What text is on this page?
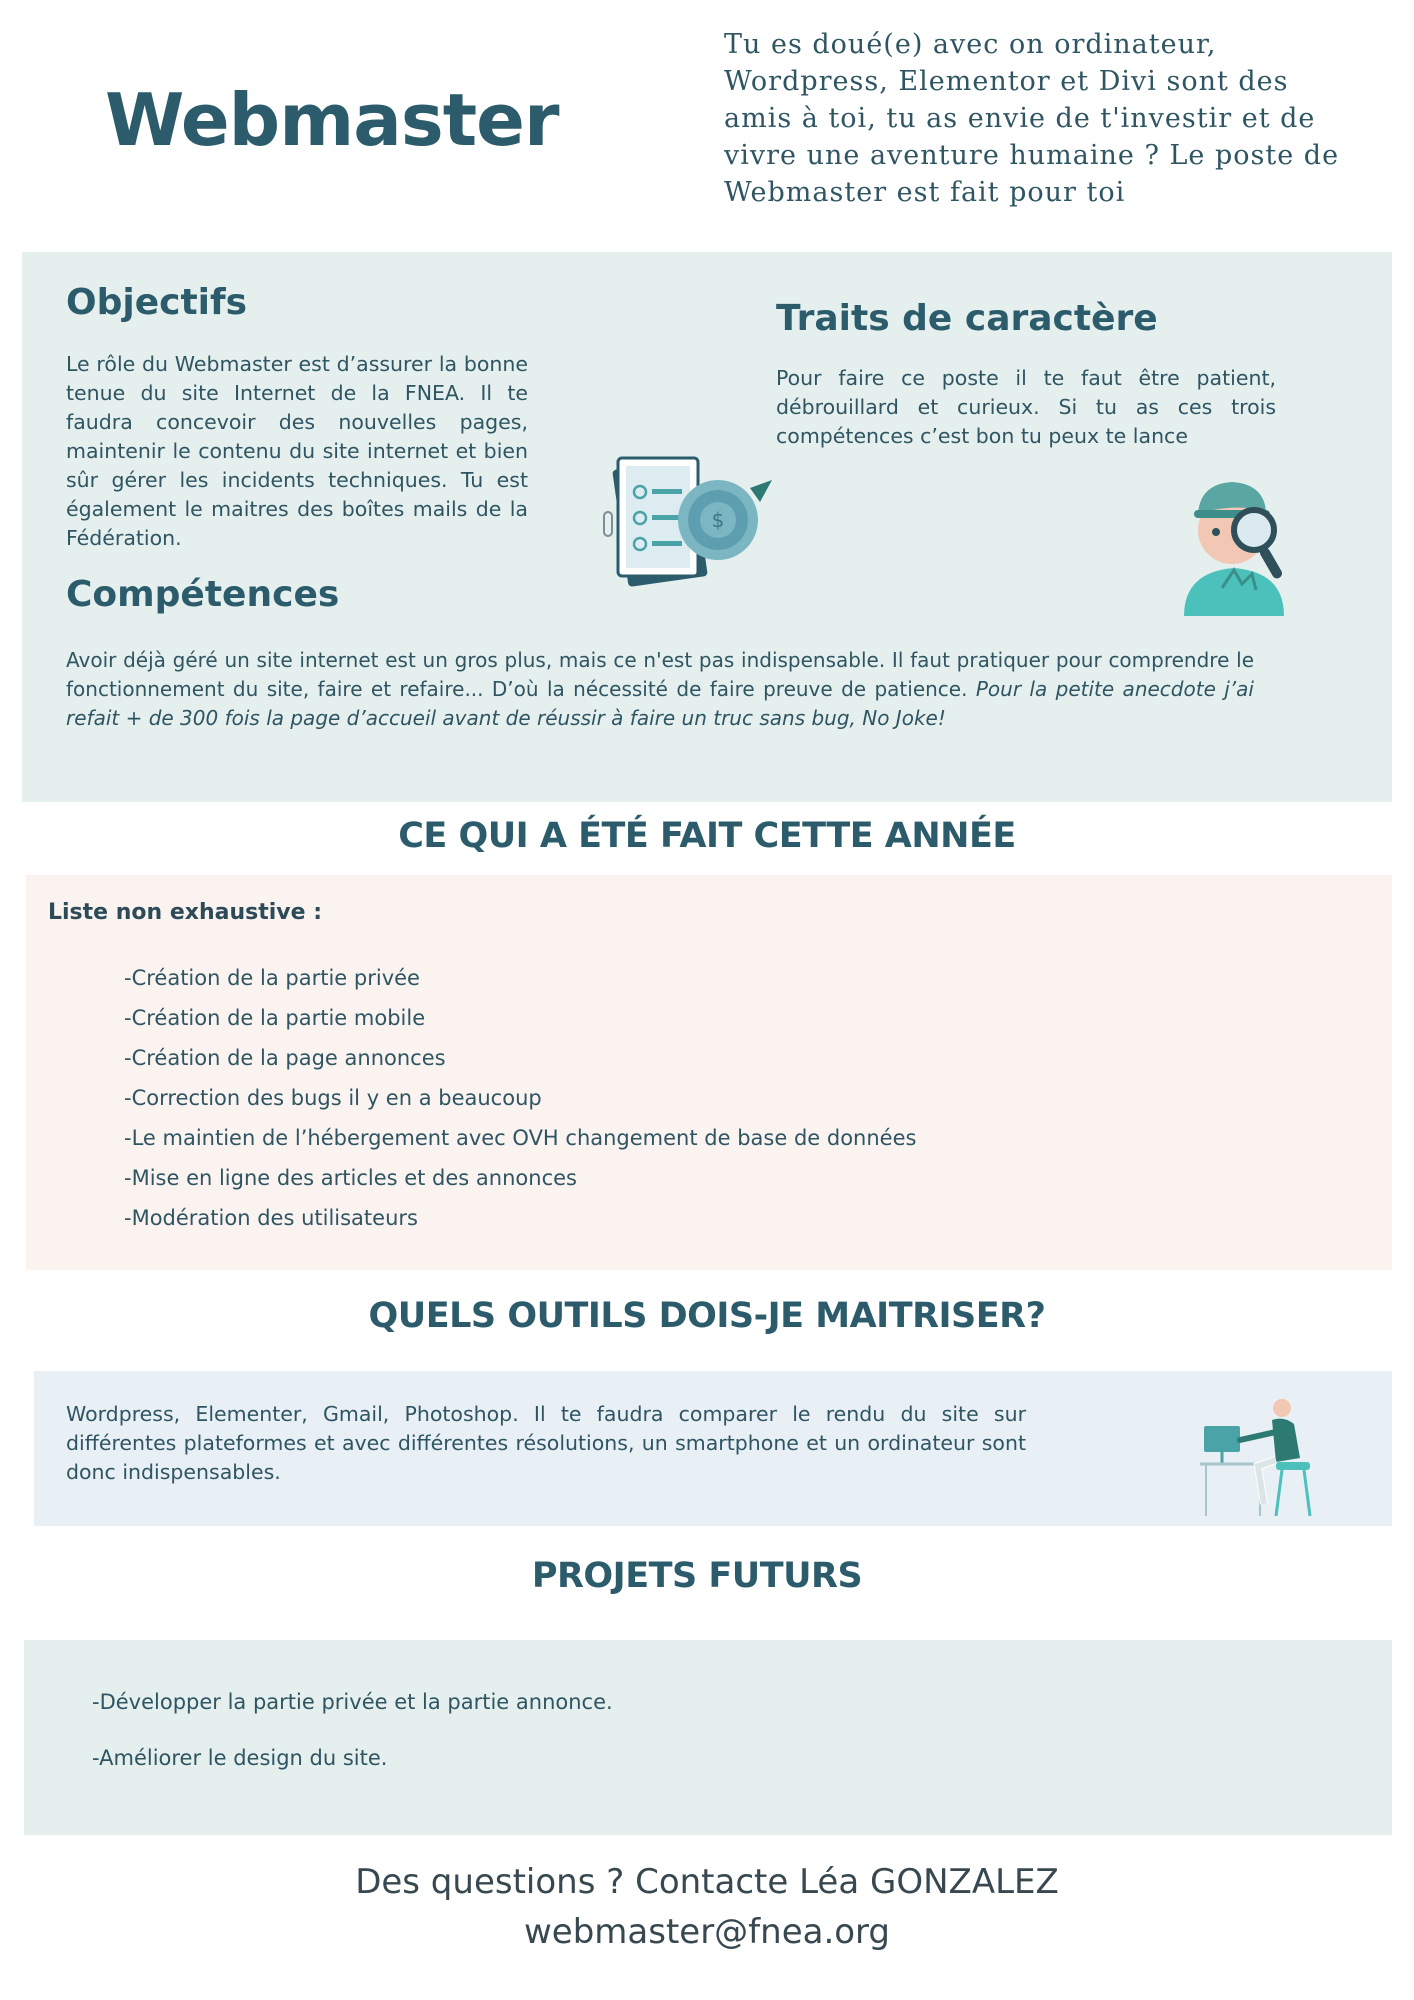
Webmaster

Tu es doué(e) avec on ordinateur, Wordpress, Elementor et Divi sont des amis à toi, tu as envie de t'investir et de vivre une aventure humaine ? Le poste de Webmaster est fait pour toi

Objectifs

Le rôle du Webmaster est d’assurer la bonne tenue du site Internet de la FNEA. Il te faudra concevoir des nouvelles pages, maintenir le contenu du site internet et bien sûr gérer les incidents techniques. Tu est également le maitres des boîtes mails de la Fédération.

Traits de caractère

Pour faire ce poste il te faut être patient, débrouillard et curieux. Si tu as ces trois compétences c’est bon tu peux te lance

Compétences

Avoir déjà géré un site internet est un gros plus, mais ce n'est pas indispensable. Il faut pratiquer pour comprendre le fonctionnement du site, faire et refaire... D’où la nécessité de faire preuve de patience. Pour la petite anecdote j’ai refait + de 300 fois la page d’accueil avant de réussir à faire un truc sans bug, No Joke!

$
CE QUI A ÉTÉ FAIT CETTE ANNÉE

Liste non exhaustive :

-Création de la partie privée
-Création de la partie mobile
-Création de la page annonces
-Correction des bugs il y en a beaucoup
-Le maintien de l’hébergement avec OVH changement de base de données
-Mise en ligne des articles et des annonces
-Modération des utilisateurs
QUELS OUTILS DOIS-JE MAITRISER?

Wordpress, Elementer, Gmail, Photoshop. Il te faudra comparer le rendu du site sur différentes plateformes et avec différentes résolutions, un smartphone et un ordinateur sont donc indispensables.

PROJETS FUTURS
-Développer la partie privée et la partie annonce.
-Améliorer le design du site.

Des questions ? Contacte Léa GONZALEZ

webmaster@fnea.org
